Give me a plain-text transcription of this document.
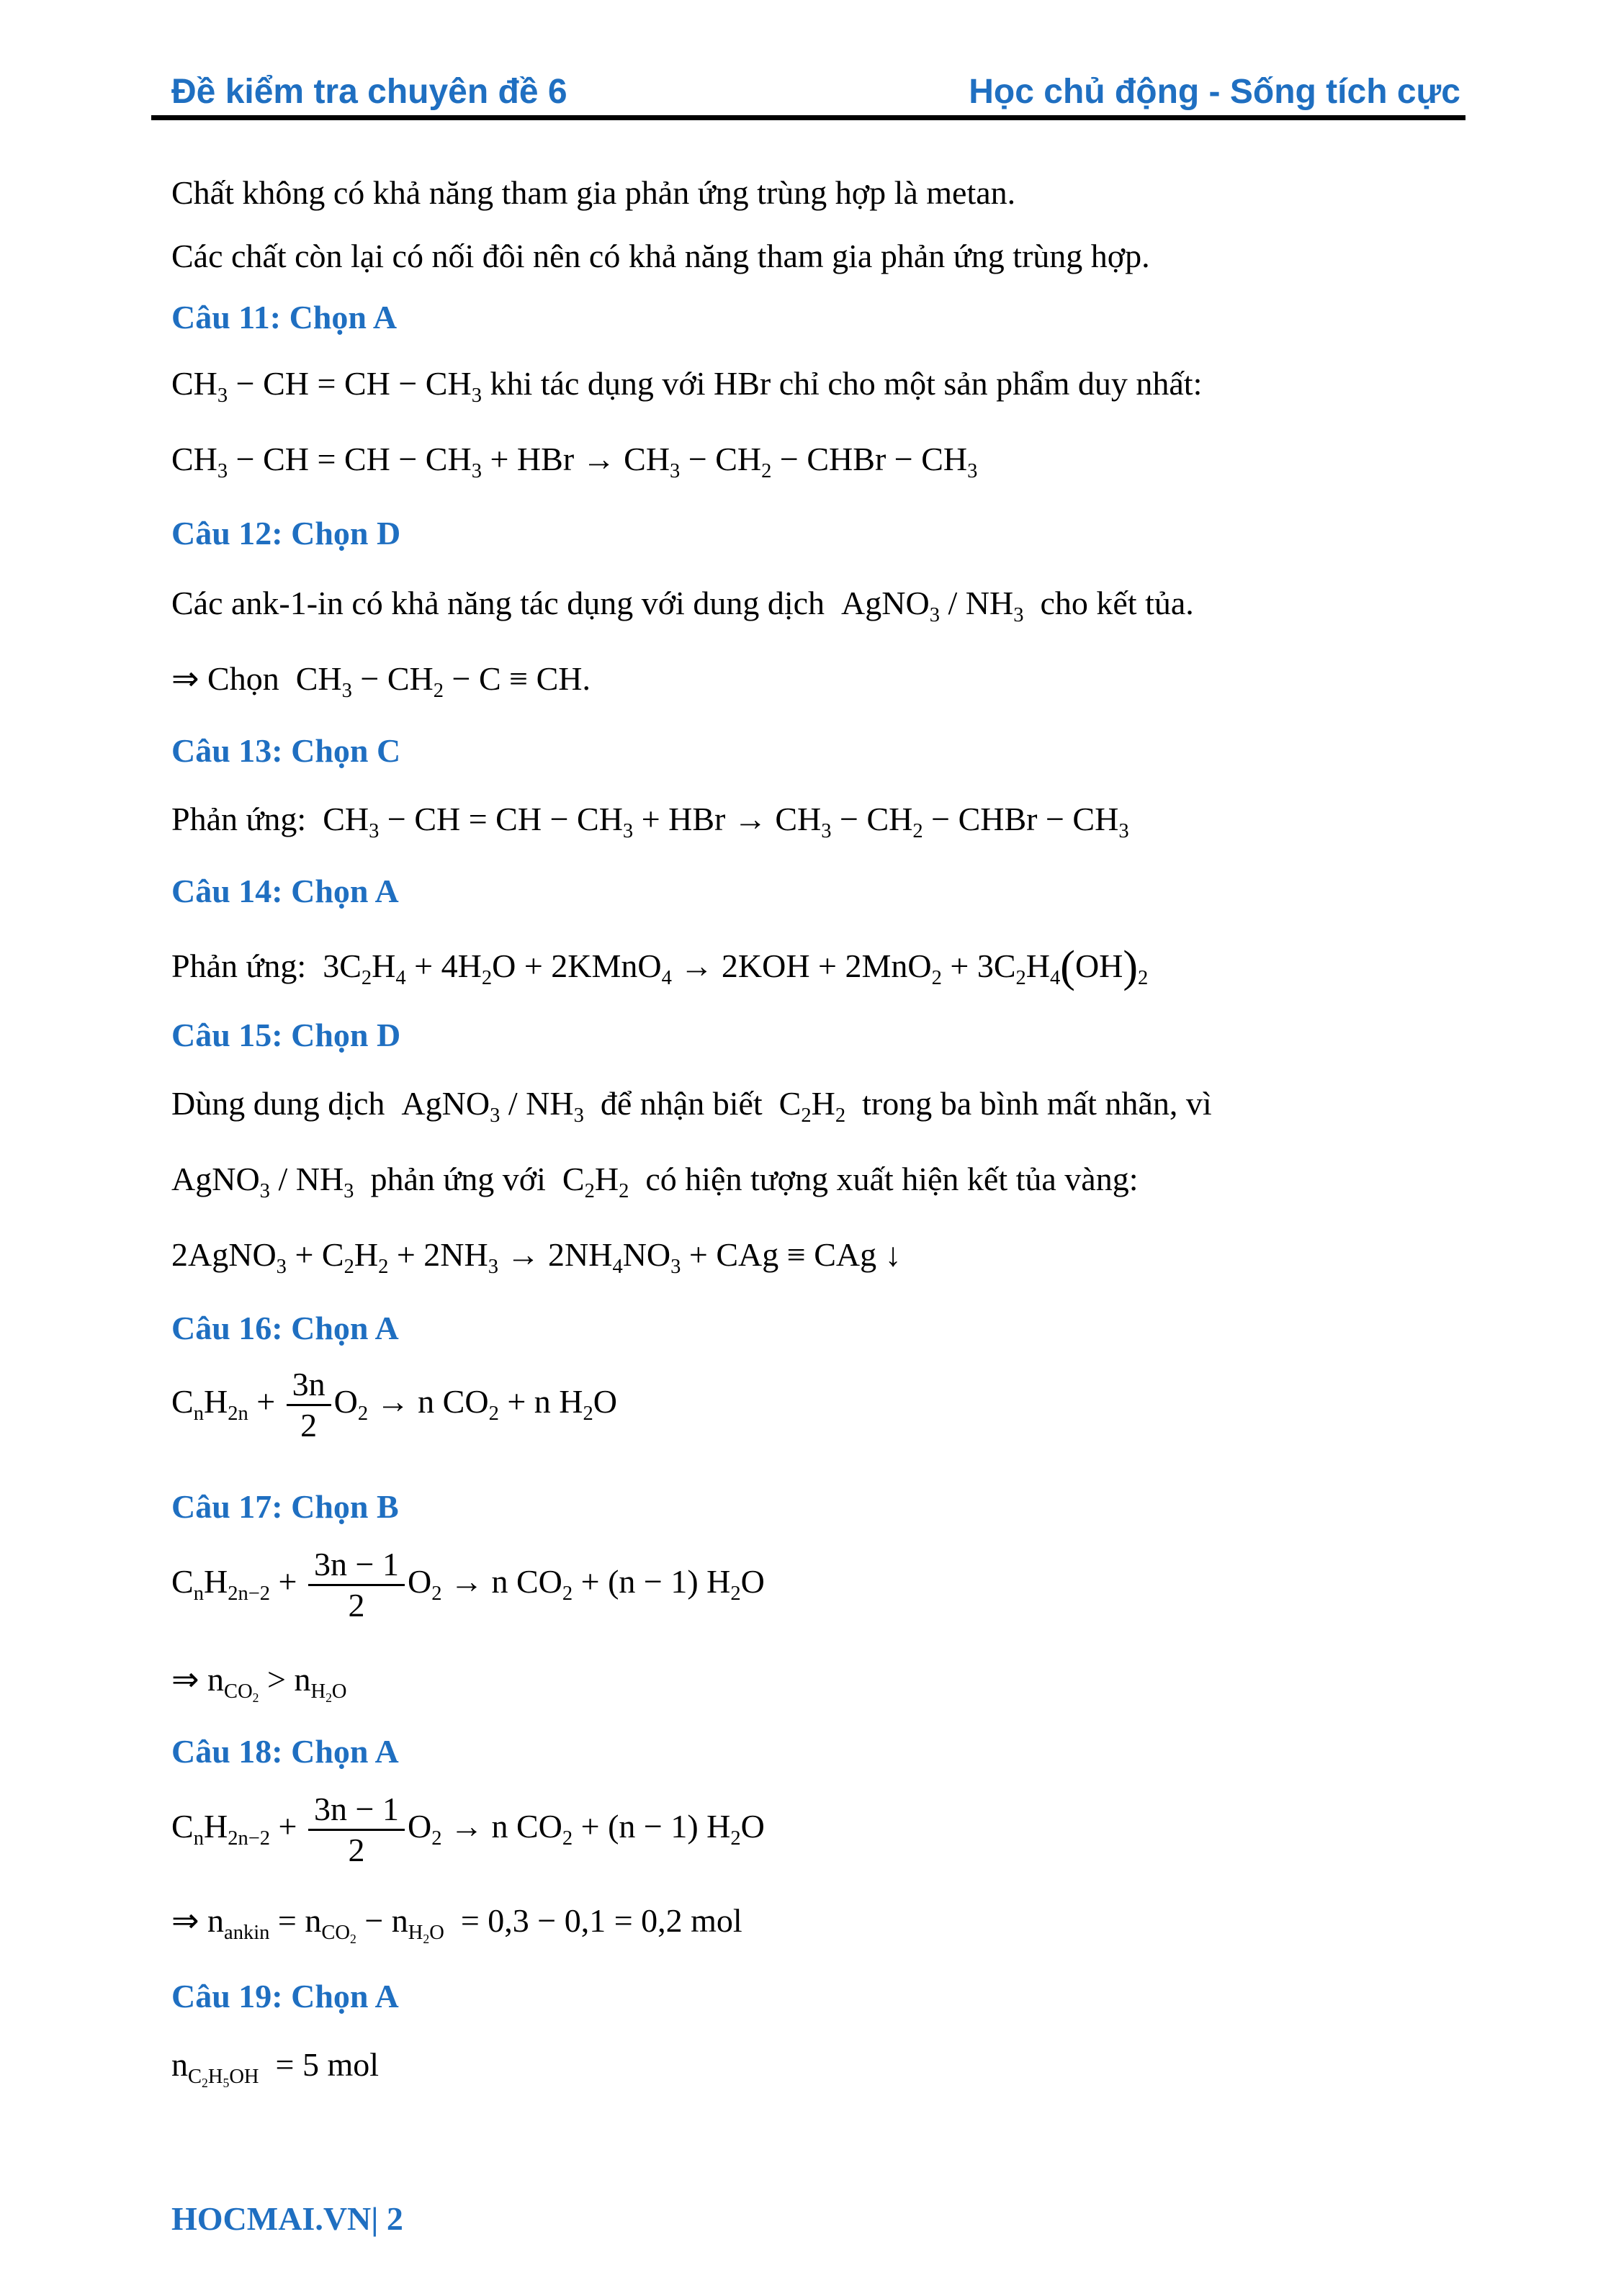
Đề kiểm tra chuyên đề 6	Học chủ động - Sống tích cực
Chất không có khả năng tham gia phản ứng trùng hợp là metan.
Các chất còn lại có nối đôi nên có khả năng tham gia phản ứng trùng hợp.
Câu 11: Chọn A
$CH_3$ − CH = CH − $CH_3$ khi tác dụng với HBr chỉ cho một sản phẩm duy nhất:
$CH_3$ − CH = CH − $CH_3$ + HBr → $CH_3 - CH_2$ − CHBr − $CH_3$
Câu 12: Chọn D
Các ank-1-in có khả năng tác dụng với dung dịch  AgNO$_3$ / $NH_3$ cho kết tủa.
⇒ Chọn  $CH_3 - CH_2 - C$ ≡ CH.
Câu 13: Chọn C
Phản ứng:  $CH_3$ − CH = CH − $CH_3$ + HBr → $CH_3 - CH_2$ − CHBr − $CH_3$
Câu 14: Chọn A
Phản ứng:  $3C_2H_4 + 4H_2O$ + 2KMnO$_4$ → $2KOH + 2MnO_2 + 3C_2H_4(OH)_2$
Câu 15: Chọn D
Dùng dung dịch  AgNO$_3$ / $NH_3$ để nhận biết  $C_2H_2$ trong ba bình mất nhãn, vì
AgNO$_3$ / $NH_3$ phản ứng với  $C_2H_2$ có hiện tượng xuất hiện kết tủa vàng:
2AgNO$_3$ + $C_2H_2 + 2NH_3 \to 2NH_4NO_3$ + CAg ≡ CAg ↓
Câu 16: Chọn A
$C_nH_{2n} + \frac{3n}{2} O_2 \to n$ $CO_2 + n$ $H_2O$
Câu 17: Chọn B
$C_nH_{2n-2} + \frac{3n - 1}{2} O_2 \to n$ $CO_2 + (n - 1)$ $H_2O$
⇒ $n_{CO_2} > n_{H_2O}$
Câu 18: Chọn A
$C_nH_{2n-2} + \frac{3n - 1}{2} O_2 \to n$ $CO_2 + (n - 1)$ $H_2O$
⇒ $n_{ankin} = n_{CO_2} - n_{H_2O} = 0,3 - 0,1 = 0,2$ mol
Câu 19: Chọn A
$n_{C_2H_5OH} = 5$ mol
HOCMAI.VN| 2
